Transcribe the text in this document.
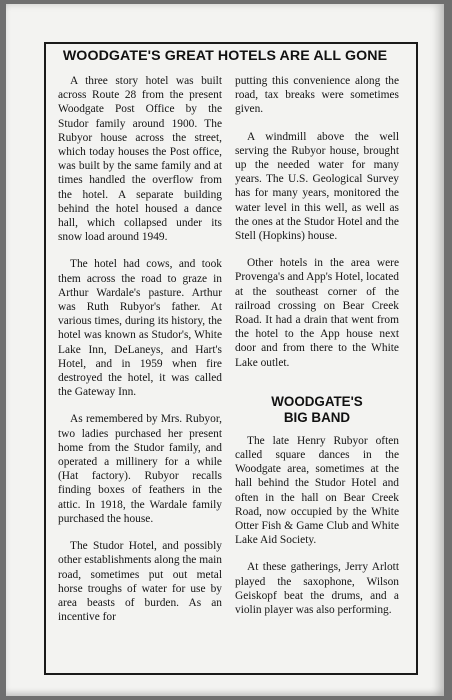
WOODGATE'S GREAT HOTELS ARE ALL GONE

A three story hotel was built across Route 28 from the present Woodgate Post Office by the Studor family around 1900. The Rubyor house across the street, which today houses the Post office, was built by the same family and at times handled the overflow from the hotel. A separate building behind the hotel housed a dance hall, which collapsed under its snow load around 1949.

The hotel had cows, and took them across the road to graze in Arthur Wardale's pasture. Arthur was Ruth Rubyor's father. At various times, during its history, the hotel was known as Studor's, White Lake Inn, DeLaneys, and Hart's Hotel, and in 1959 when fire destroyed the hotel, it was called the Gateway Inn.

As remembered by Mrs. Rubyor, two ladies purchased her present home from the Studor family, and operated a millinery for a while (Hat factory). Rubyor recalls finding boxes of feathers in the attic. In 1918, the Wardale family purchased the house.

The Studor Hotel, and possibly other establishments along the main road, sometimes put out metal horse troughs of water for use by area beasts of burden. As an incentive for

putting this convenience along the road, tax breaks were sometimes given.

A windmill above the well serving the Rubyor house, brought up the needed water for many years. The U.S. Geological Survey has for many years, monitored the water level in this well, as well as the ones at the Studor Hotel and the Stell (Hopkins) house.

Other hotels in the area were Provenga's and App's Hotel, located at the southeast corner of the railroad crossing on Bear Creek Road. It had a drain that went from the hotel to the App house next door and from there to the White Lake outlet.

WOODGATE'S
BIG BAND

The late Henry Rubyor often called square dances in the Woodgate area, sometimes at the hall behind the Studor Hotel and often in the hall on Bear Creek Road, now occupied by the White Otter Fish & Game Club and White Lake Aid Society.

At these gatherings, Jerry Arlott played the saxophone, Wilson Geiskopf beat the drums, and a violin player was also performing.
